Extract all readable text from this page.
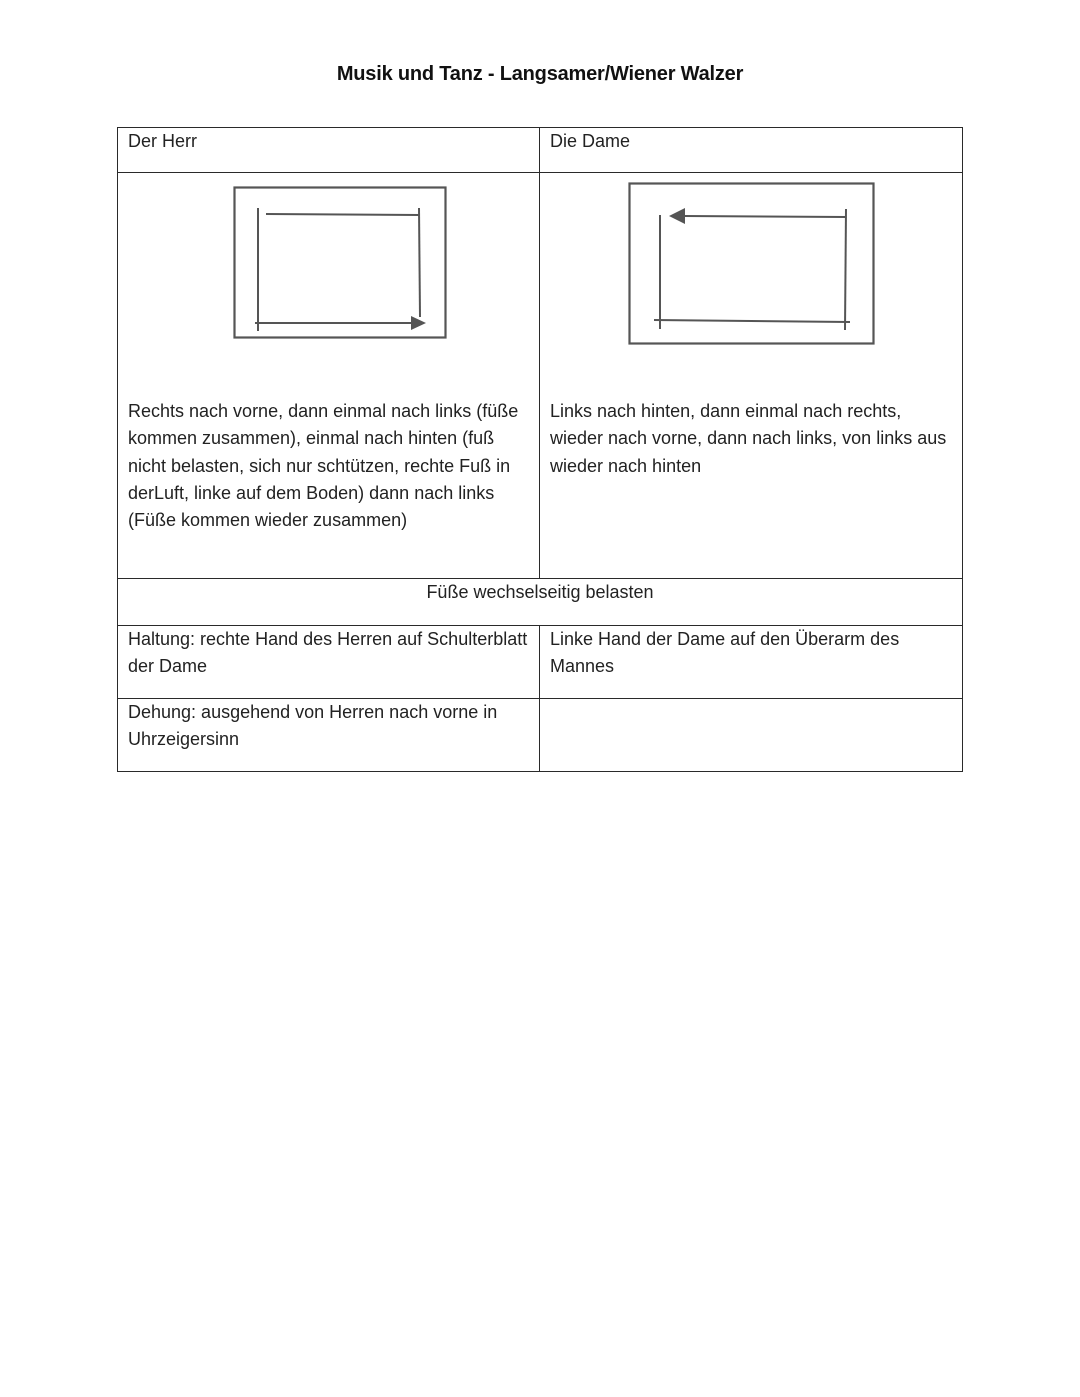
Musik und Tanz - Langsamer/Wiener Walzer
Der Herr	Die Dame

Rechts nach vorne, dann einmal nach links (füße kommen zusammen), einmal nach hinten (fuß nicht belasten, sich nur schtützen, rechte Fuß in derLuft, linke auf dem Boden) dann nach links (Füße kommen wieder zusammen)	Links nach hinten, dann einmal nach rechts, wieder nach vorne, dann nach links, von links aus wieder nach hinten

Füße wechselseitig belasten	

Haltung: rechte Hand des Herren auf Schulterblatt der Dame	Linke Hand der Dame auf den Überarm des Mannes

Dehung: ausgehend von Herren nach vorne in Uhrzeigersinn	
